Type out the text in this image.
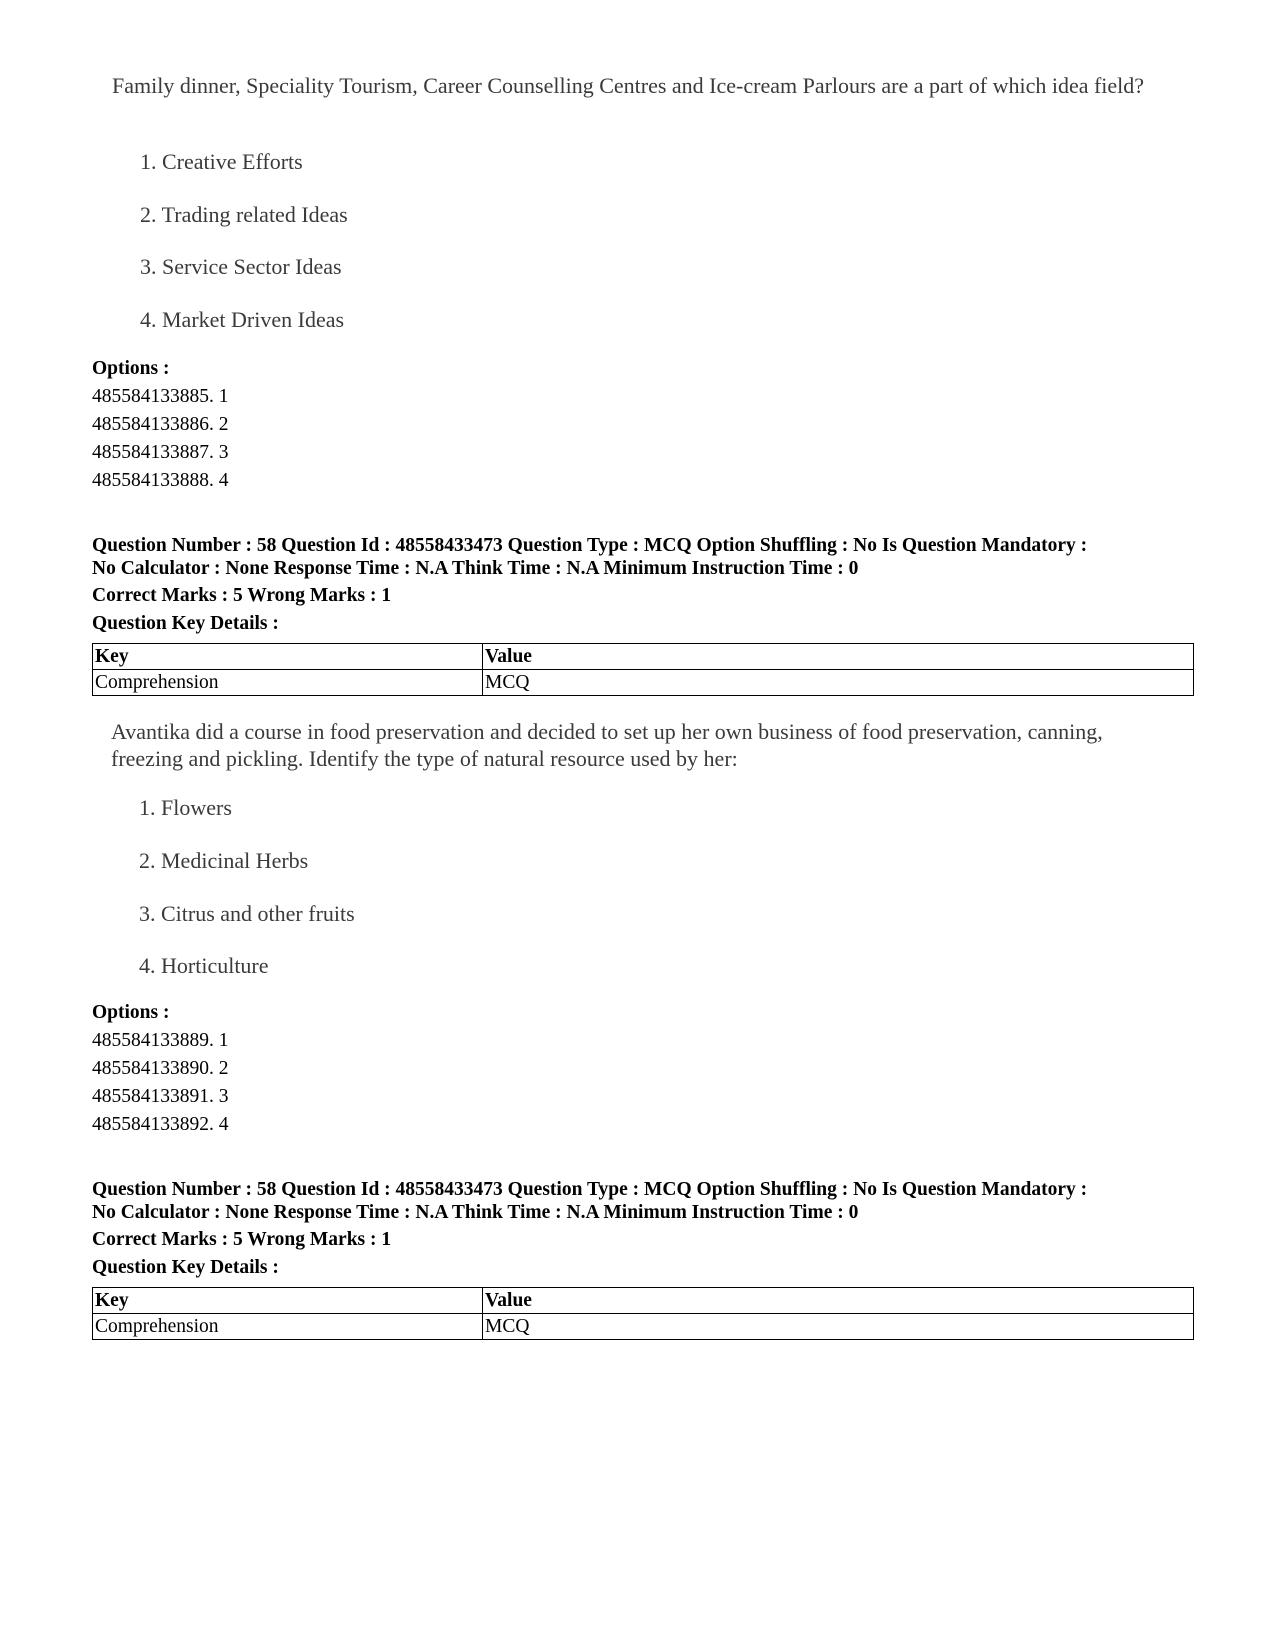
Family dinner, Speciality Tourism, Career Counselling Centres and Ice-cream Parlours are a part of which idea field?

1. Creative Efforts
2. Trading related Ideas
3. Service Sector Ideas
4. Market Driven Ideas
Options :
485584133885. 1
485584133886. 2
485584133887. 3
485584133888. 4
Question Number : 58 Question Id : 48558433473 Question Type : MCQ Option Shuffling : No Is Question Mandatory :
No Calculator : None Response Time : N.A Think Time : N.A Minimum Instruction Time : 0
Correct Marks : 5 Wrong Marks : 1
Question Key Details :
Key	Value
Comprehension	MCQ

Avantika did a course in food preservation and decided to set up her own business of food preservation, canning, freezing and pickling. Identify the type of natural resource used by her:

1. Flowers
2. Medicinal Herbs
3. Citrus and other fruits
4. Horticulture
Options :
485584133889. 1
485584133890. 2
485584133891. 3
485584133892. 4
Question Number : 58 Question Id : 48558433473 Question Type : MCQ Option Shuffling : No Is Question Mandatory :
No Calculator : None Response Time : N.A Think Time : N.A Minimum Instruction Time : 0
Correct Marks : 5 Wrong Marks : 1
Question Key Details :
Key	Value
Comprehension	MCQ
